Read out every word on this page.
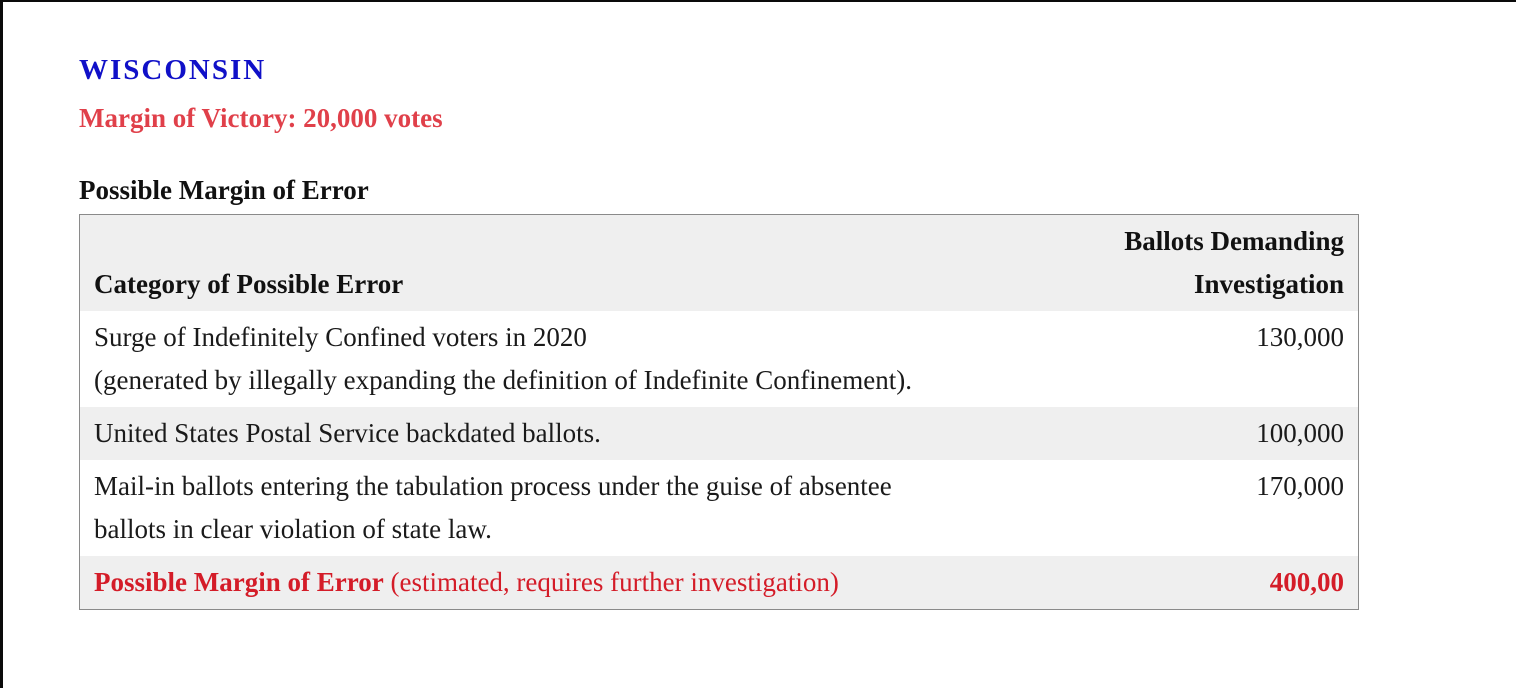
WISCONSIN

Margin of Victory: 20,000 votes

Possible Margin of Error
Category of Possible Error	Ballots Demanding
Investigation
Surge of Indefinitely Confined voters in 2020
(generated by illegally expanding the definition of Indefinite Confinement).	130,000
United States Postal Service backdated ballots.	100,000
Mail-in ballots entering the tabulation process under the guise of absentee
ballots in clear violation of state law.	170,000
Possible Margin of Error (estimated, requires further investigation)	400,00
